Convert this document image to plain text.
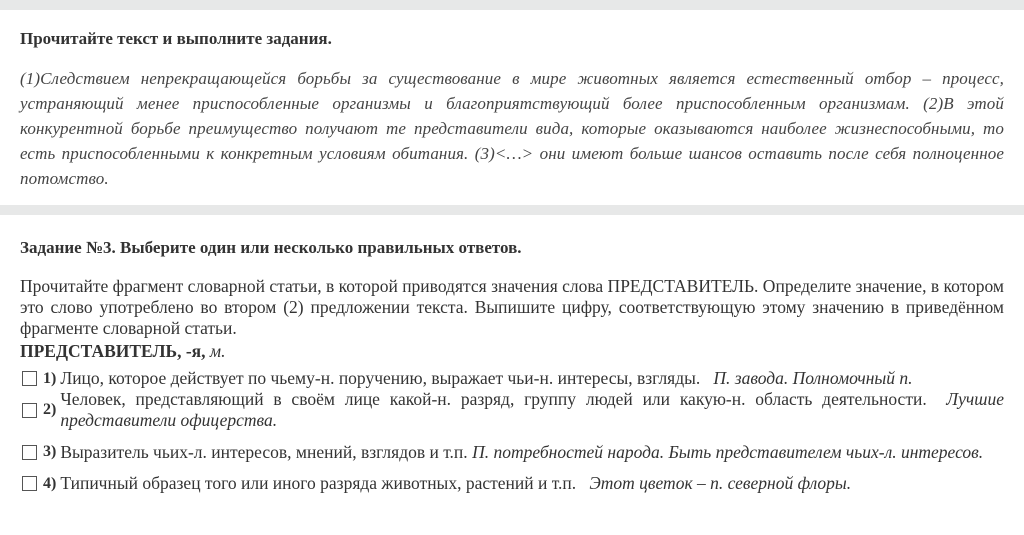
Прочитайте текст и выполните задания.

(1)Следствием непрекращающейся борьбы за существование в мире животных является естественный отбор – процесс, устраняющий менее приспособленные организмы и благоприятствующий более приспособленным организмам. (2)В этой конкурентной борьбе преимущество получают те представители вида, которые оказываются наиболее жизнеспособными, то есть приспособленными к конкретным условиям обитания. (3)<…> они имеют больше шансов оставить после себя полноценное потомство.

Задание №3. Выберите один или несколько правильных ответов.

Прочитайте фрагмент словарной статьи, в которой приводятся значения слова ПРЕДСТАВИТЕЛЬ. Определите значение, в котором это слово употреблено во втором (2) предложении текста. Выпишите цифру, соответствующую этому значению в приведённом фрагменте словарной статьи.

ПРЕДСТАВИТЕЛЬ, -я, м.

1) Лицо, которое действует по чьему-н. поручению, выражает чьи-н. интересы, взгляды. П. завода. Полномочный п.
2)
Человек, представляющий в своём лице какой-н. разряд, группу людей или какую-н. область деятельности. Лучшие представители офицерства.
3) Выразитель чьих-л. интересов, мнений, взглядов и т.п. П. потребностей народа. Быть представителем чьих-л. интересов.
4) Типичный образец того или иного разряда животных, растений и т.п. Этот цветок – п. северной флоры.
